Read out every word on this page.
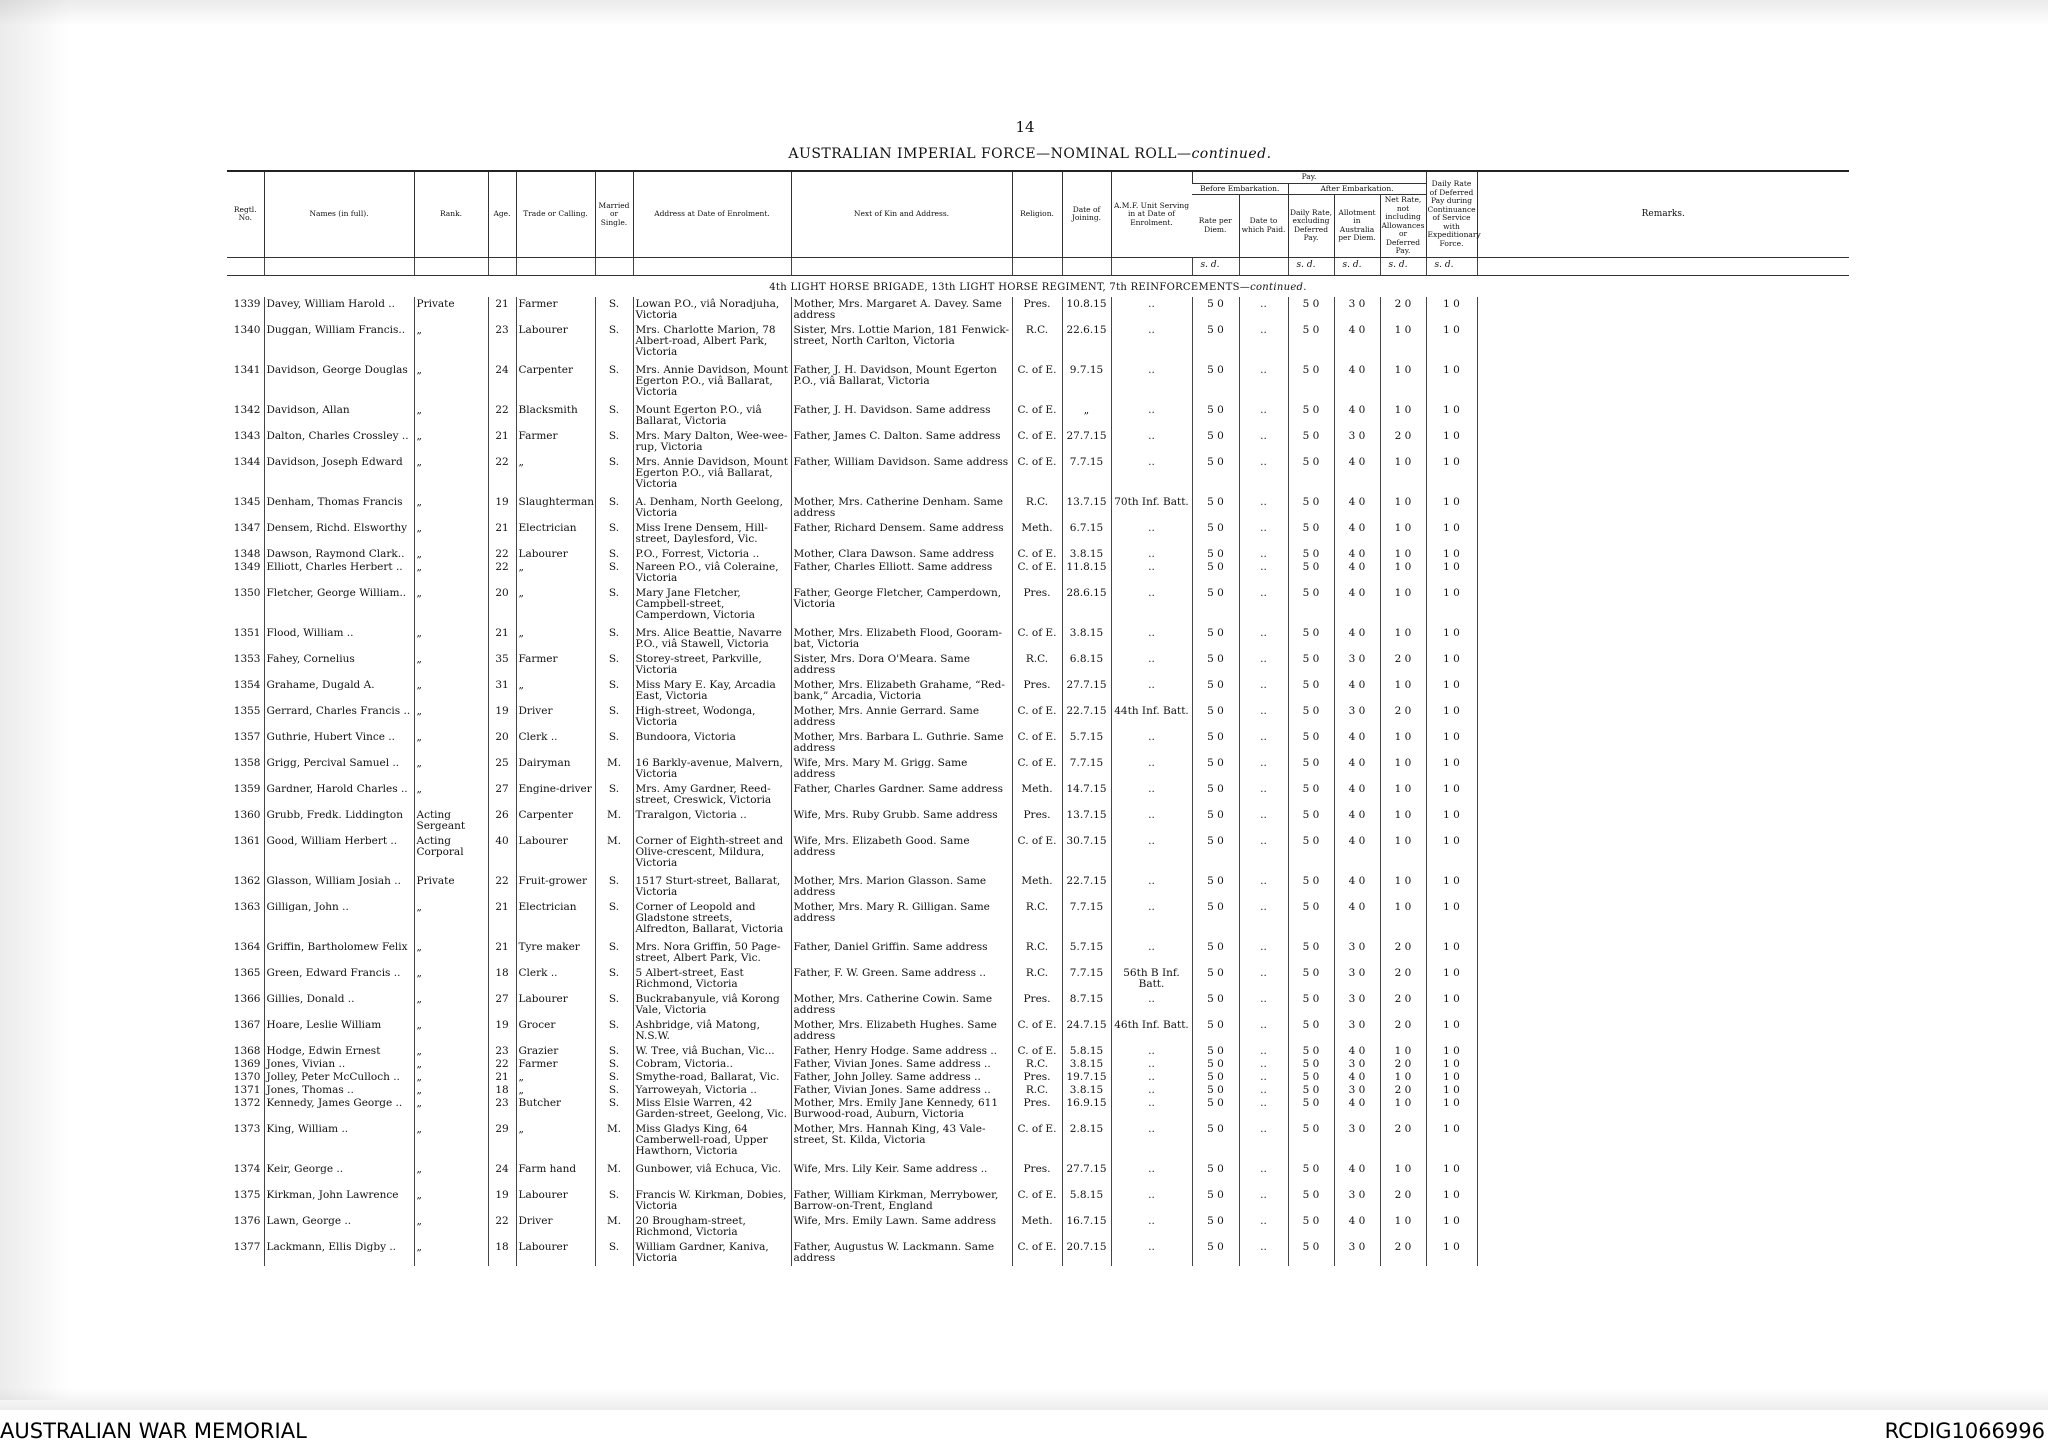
14
AUSTRALIAN IMPERIAL FORCE—NOMINAL ROLL—continued.
Regtl. No.	Names (in full).	Rank.	Age.	Trade or Calling.	Married or Single.	Address at Date of Enrolment.	Next of Kin and Address.	Religion.	Date of Joining.	A.M.F. Unit Serving in at Date of Enrolment.	Pay.					Daily Rate of Deferred Pay during Continuance of Service with Expeditionary Force.	Remarks.
											Before Embarkation.		After Embarkation.				
											Rate per Diem.	Date to which Paid.	Daily Rate, excluding Deferred Pay.	Allotment in Australia per Diem.	Net Rate, not including Allowances or Deferred Pay.		
											s. d.		s. d.	s. d.	s. d.	s. d.	
4th LIGHT HORSE BRIGADE, 13th LIGHT HORSE REGIMENT, 7th REINFORCEMENTS—continued.																	
1339	Davey, William Harold ..	Private	21	Farmer	S.	Lowan P.O., viâ Noradjuha, Victoria	Mother, Mrs. Margaret A. Davey. Same address	Pres.	10.8.15	..	5 0	..	5 0	3 0	2 0	1 0	
1340	Duggan, William Francis..	„	23	Labourer	S.	Mrs. Charlotte Marion, 78 Albert-road, Albert Park, Victoria	Sister, Mrs. Lottie Marion, 181 Fenwick-street, North Carlton, Victoria	R.C.	22.6.15	..	5 0	..	5 0	4 0	1 0	1 0	
1341	Davidson, George Douglas	„	24	Carpenter	S.	Mrs. Annie Davidson, Mount Egerton P.O., viâ Ballarat, Victoria	Father, J. H. Davidson, Mount Egerton P.O., viâ Ballarat, Victoria	C. of E.	9.7.15	..	5 0	..	5 0	4 0	1 0	1 0	
1342	Davidson, Allan	„	22	Blacksmith	S.	Mount Egerton P.O., viâ Ballarat, Victoria	Father, J. H. Davidson. Same address	C. of E.	„	..	5 0	..	5 0	4 0	1 0	1 0	
1343	Dalton, Charles Crossley ..	„	21	Farmer	S.	Mrs. Mary Dalton, Wee-wee-rup, Victoria	Father, James C. Dalton. Same address	C. of E.	27.7.15	..	5 0	..	5 0	3 0	2 0	1 0	
1344	Davidson, Joseph Edward	„	22	„	S.	Mrs. Annie Davidson, Mount Egerton P.O., viâ Ballarat, Victoria	Father, William Davidson. Same address	C. of E.	7.7.15	..	5 0	..	5 0	4 0	1 0	1 0	
1345	Denham, Thomas Francis	„	19	Slaughterman	S.	A. Denham, North Geelong, Victoria	Mother, Mrs. Catherine Denham. Same address	R.C.	13.7.15	70th Inf. Batt.	5 0	..	5 0	4 0	1 0	1 0	
1347	Densem, Richd. Elsworthy	„	21	Electrician	S.	Miss Irene Densem, Hill-street, Daylesford, Vic.	Father, Richard Densem. Same address	Meth.	6.7.15	..	5 0	..	5 0	4 0	1 0	1 0	
1348	Dawson, Raymond Clark..	„	22	Labourer	S.	P.O., Forrest, Victoria ..	Mother, Clara Dawson. Same address	C. of E.	3.8.15	..	5 0	..	5 0	4 0	1 0	1 0	
1349	Elliott, Charles Herbert ..	„	22	„	S.	Nareen P.O., viâ Coleraine, Victoria	Father, Charles Elliott. Same address	C. of E.	11.8.15	..	5 0	..	5 0	4 0	1 0	1 0	
1350	Fletcher, George William..	„	20	„	S.	Mary Jane Fletcher, Campbell-street, Camperdown, Victoria	Father, George Fletcher, Camperdown, Victoria	Pres.	28.6.15	..	5 0	..	5 0	4 0	1 0	1 0	
1351	Flood, William ..	„	21	„	S.	Mrs. Alice Beattie, Navarre P.O., viâ Stawell, Victoria	Mother, Mrs. Elizabeth Flood, Gooram-bat, Victoria	C. of E.	3.8.15	..	5 0	..	5 0	4 0	1 0	1 0	
1353	Fahey, Cornelius	„	35	Farmer	S.	Storey-street, Parkville, Victoria	Sister, Mrs. Dora O'Meara. Same address	R.C.	6.8.15	..	5 0	..	5 0	3 0	2 0	1 0	
1354	Grahame, Dugald A.	„	31	„	S.	Miss Mary E. Kay, Arcadia East, Victoria	Mother, Mrs. Elizabeth Grahame, “Red-bank,” Arcadia, Victoria	Pres.	27.7.15	..	5 0	..	5 0	4 0	1 0	1 0	
1355	Gerrard, Charles Francis ..	„	19	Driver	S.	High-street, Wodonga, Victoria	Mother, Mrs. Annie Gerrard. Same address	C. of E.	22.7.15	44th Inf. Batt.	5 0	..	5 0	3 0	2 0	1 0	
1357	Guthrie, Hubert Vince ..	„	20	Clerk ..	S.	Bundoora, Victoria	Mother, Mrs. Barbara L. Guthrie. Same address	C. of E.	5.7.15	..	5 0	..	5 0	4 0	1 0	1 0	
1358	Grigg, Percival Samuel ..	„	25	Dairyman	M.	16 Barkly-avenue, Malvern, Victoria	Wife, Mrs. Mary M. Grigg. Same address	C. of E.	7.7.15	..	5 0	..	5 0	4 0	1 0	1 0	
1359	Gardner, Harold Charles ..	„	27	Engine-driver	S.	Mrs. Amy Gardner, Reed-street, Creswick, Victoria	Father, Charles Gardner. Same address	Meth.	14.7.15	..	5 0	..	5 0	4 0	1 0	1 0	
1360	Grubb, Fredk. Liddington	Acting Sergeant	26	Carpenter	M.	Traralgon, Victoria ..	Wife, Mrs. Ruby Grubb. Same address	Pres.	13.7.15	..	5 0	..	5 0	4 0	1 0	1 0	
1361	Good, William Herbert ..	Acting Corporal	40	Labourer	M.	Corner of Eighth-street and Olive-crescent, Mildura, Victoria	Wife, Mrs. Elizabeth Good. Same address	C. of E.	30.7.15	..	5 0	..	5 0	4 0	1 0	1 0	
1362	Glasson, William Josiah ..	Private	22	Fruit-grower	S.	1517 Sturt-street, Ballarat, Victoria	Mother, Mrs. Marion Glasson. Same address	Meth.	22.7.15	..	5 0	..	5 0	4 0	1 0	1 0	
1363	Gilligan, John ..	„	21	Electrician	S.	Corner of Leopold and Gladstone streets, Alfredton, Ballarat, Victoria	Mother, Mrs. Mary R. Gilligan. Same address	R.C.	7.7.15	..	5 0	..	5 0	4 0	1 0	1 0	
1364	Griffin, Bartholomew Felix	„	21	Tyre maker	S.	Mrs. Nora Griffin, 50 Page-street, Albert Park, Vic.	Father, Daniel Griffin. Same address	R.C.	5.7.15	..	5 0	..	5 0	3 0	2 0	1 0	
1365	Green, Edward Francis ..	„	18	Clerk ..	S.	5 Albert-street, East Richmond, Victoria	Father, F. W. Green. Same address ..	R.C.	7.7.15	56th B Inf. Batt.	5 0	..	5 0	3 0	2 0	1 0	
1366	Gillies, Donald ..	„	27	Labourer	S.	Buckrabanyule, viâ Korong Vale, Victoria	Mother, Mrs. Catherine Cowin. Same address	Pres.	8.7.15	..	5 0	..	5 0	3 0	2 0	1 0	
1367	Hoare, Leslie William	„	19	Grocer	S.	Ashbridge, viâ Matong, N.S.W.	Mother, Mrs. Elizabeth Hughes. Same address	C. of E.	24.7.15	46th Inf. Batt.	5 0	..	5 0	3 0	2 0	1 0	
1368	Hodge, Edwin Ernest	„	23	Grazier	S.	W. Tree, viâ Buchan, Vic...	Father, Henry Hodge. Same address ..	C. of E.	5.8.15	..	5 0	..	5 0	4 0	1 0	1 0	
1369	Jones, Vivian ..	„	22	Farmer	S.	Cobram, Victoria..	Father, Vivian Jones. Same address ..	R.C.	3.8.15	..	5 0	..	5 0	3 0	2 0	1 0	
1370	Jolley, Peter McCulloch ..	„	21	„	S.	Smythe-road, Ballarat, Vic.	Father, John Jolley. Same address ..	Pres.	19.7.15	..	5 0	..	5 0	4 0	1 0	1 0	
1371	Jones, Thomas ..	„	18	„	S.	Yarroweyah, Victoria ..	Father, Vivian Jones. Same address ..	R.C.	3.8.15	..	5 0	..	5 0	3 0	2 0	1 0	
1372	Kennedy, James George ..	„	23	Butcher	S.	Miss Elsie Warren, 42 Garden-street, Geelong, Vic.	Mother, Mrs. Emily Jane Kennedy, 611 Burwood-road, Auburn, Victoria	Pres.	16.9.15	..	5 0	..	5 0	4 0	1 0	1 0	
1373	King, William ..	„	29	„	M.	Miss Gladys King, 64 Camberwell-road, Upper Hawthorn, Victoria	Mother, Mrs. Hannah King, 43 Vale-street, St. Kilda, Victoria	C. of E.	2.8.15	..	5 0	..	5 0	3 0	2 0	1 0	
1374	Keir, George ..	„	24	Farm hand	M.	Gunbower, viâ Echuca, Vic.	Wife, Mrs. Lily Keir. Same address ..	Pres.	27.7.15	..	5 0	..	5 0	4 0	1 0	1 0	
1375	Kirkman, John Lawrence	„	19	Labourer	S.	Francis W. Kirkman, Dobies, Victoria	Father, William Kirkman, Merrybower, Barrow-on-Trent, England	C. of E.	5.8.15	..	5 0	..	5 0	3 0	2 0	1 0	
1376	Lawn, George ..	„	22	Driver	M.	20 Brougham-street, Richmond, Victoria	Wife, Mrs. Emily Lawn. Same address	Meth.	16.7.15	..	5 0	..	5 0	4 0	1 0	1 0	
1377	Lackmann, Ellis Digby ..	„	18	Labourer	S.	William Gardner, Kaniva, Victoria	Father, Augustus W. Lackmann. Same address	C. of E.	20.7.15	..	5 0	..	5 0	3 0	2 0	1 0	
AUSTRALIAN WAR MEMORIAL	RCDIG1066996
